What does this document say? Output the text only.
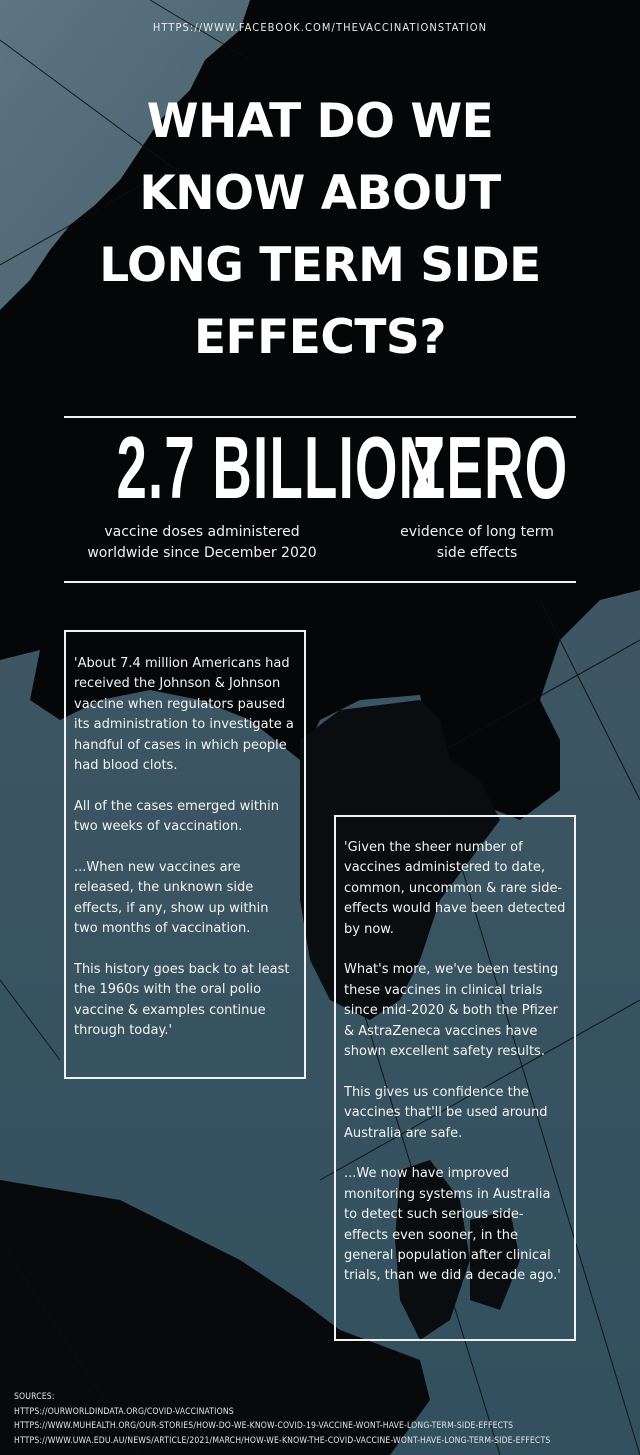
HTTPS://WWW.FACEBOOK.COM/THEVACCINATIONSTATION
WHAT DO WE
KNOW ABOUT
LONG TERM SIDE
EFFECTS?
2.7 BILLION
ZERO
vaccine doses administered
worldwide since December 2020
evidence of long term
side effects

'About 7.4 million Americans had received the Johnson & Johnson vaccine when regulators paused its administration to investigate a handful of cases in which people had blood clots.

All of the cases emerged within two weeks of vaccination.

...When new vaccines are released, the unknown side effects, if any, show up within two months of vaccination.

This history goes back to at least the 1960s with the oral polio vaccine & examples continue through today.'

'Given the sheer number of vaccines administered to date, common, uncommon & rare side-effects would have been detected by now.

What's more, we've been testing these vaccines in clinical trials since mid-2020 & both the Pfizer & AstraZeneca vaccines have shown excellent safety results.

This gives us confidence the vaccines that'll be used around Australia are safe.

...We now have improved monitoring systems in Australia to detect such serious side-effects even sooner, in the general population after clinical trials, than we did a decade ago.'

SOURCES:
HTTPS://OURWORLDINDATA.ORG/COVID-VACCINATIONS
HTTPS://WWW.MUHEALTH.ORG/OUR-STORIES/HOW-DO-WE-KNOW-COVID-19-VACCINE-WONT-HAVE-LONG-TERM-SIDE-EFFECTS
HTTPS://WWW.UWA.EDU.AU/NEWS/ARTICLE/2021/MARCH/HOW-WE-KNOW-THE-COVID-VACCINE-WONT-HAVE-LONG-TERM-SIDE-EFFECTS
